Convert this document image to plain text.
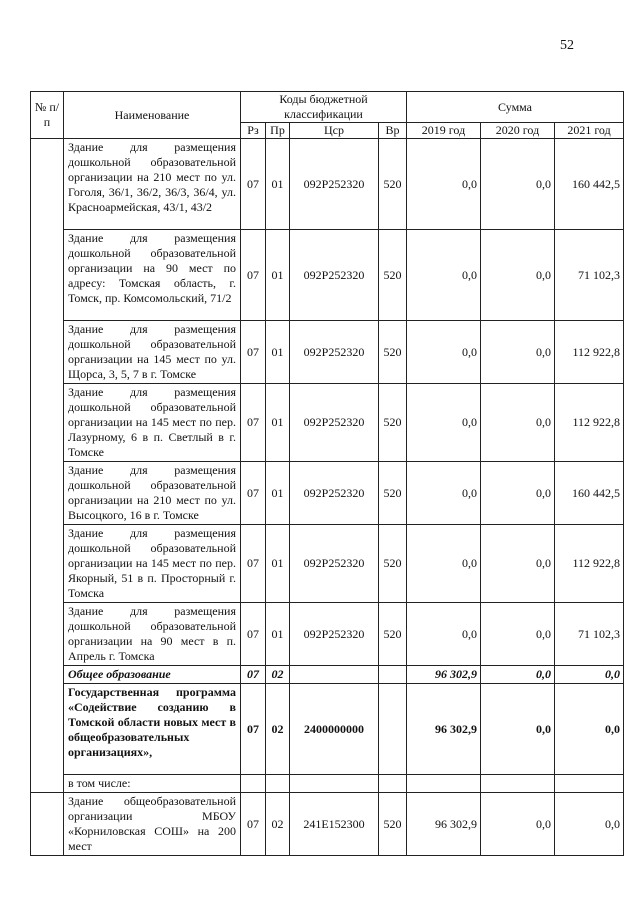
52
№ п/п	Наименование	Коды бюджетной классификации				Сумма		
		Рз	Пр	Цср	Вр	2019 год	2020 год	2021 год
	Здание для размещения дошкольной образовательной организации на 210 мест по ул. Гоголя, 36/1, 36/2, 36/3, 36/4, ул. Красноармейская, 43/1, 43/2	07	01	092P252320	520	0,0	0,0	160 442,5
	Здание для размещения дошкольной образовательной организации на 90 мест по адресу: Томская область, г. Томск, пр. Комсомольский, 71/2	07	01	092P252320	520	0,0	0,0	71 102,3
	Здание для размещения дошкольной образовательной организации на 145 мест по ул. Щорса, 3, 5, 7 в г. Томске	07	01	092P252320	520	0,0	0,0	112 922,8
	Здание для размещения дошкольной образовательной организации на 145 мест по пер. Лазурному, 6 в п. Светлый в г. Томске	07	01	092P252320	520	0,0	0,0	112 922,8
	Здание для размещения дошкольной образовательной организации на 210 мест по ул. Высоцкого, 16 в г. Томске	07	01	092P252320	520	0,0	0,0	160 442,5
	Здание для размещения дошкольной образовательной организации на 145 мест по пер. Якорный, 51 в п. Просторный г. Томска	07	01	092P252320	520	0,0	0,0	112 922,8
	Здание для размещения дошкольной образовательной организации на 90 мест в п. Апрель г. Томска	07	01	092P252320	520	0,0	0,0	71 102,3
	Общее образование	07	02			96 302,9	0,0	0,0
	Государственная программа «Содействие созданию в Томской области новых мест в общеобразовательных организациях»,	07	02	2400000000		96 302,9	0,0	0,0
	в том числе:							
	Здание общеобразовательной организации МБОУ «Корниловская СОШ» на 200 мест	07	02	241E152300	520	96 302,9	0,0	0,0
